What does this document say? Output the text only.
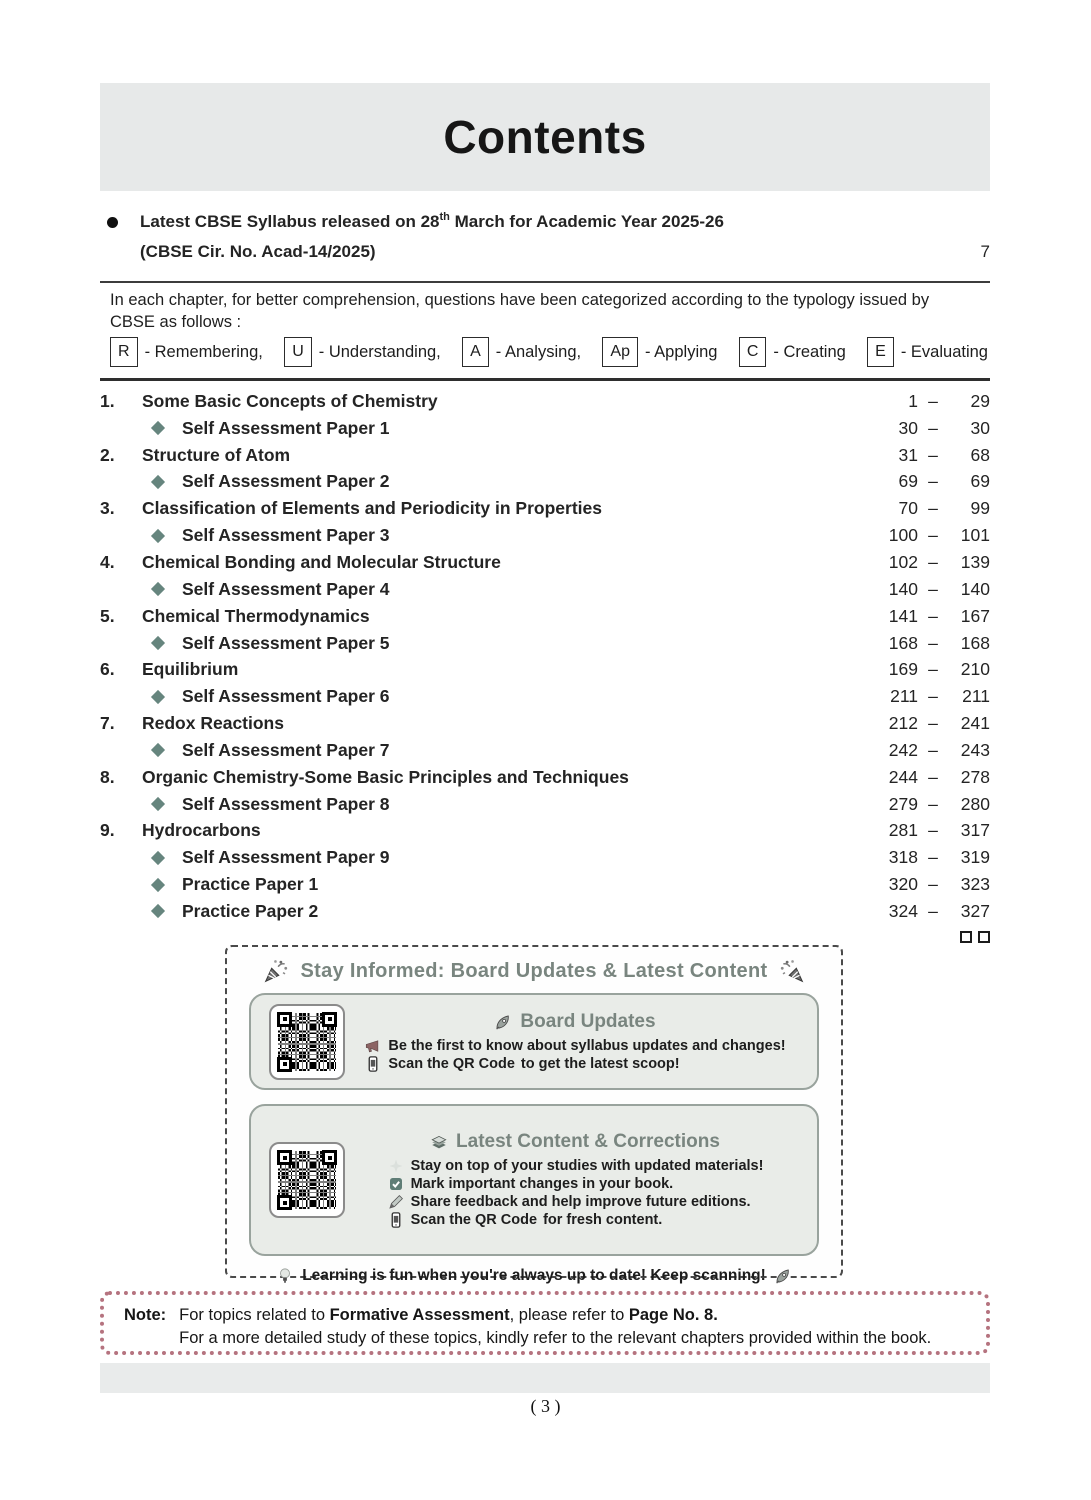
Contents
Latest CBSE Syllabus released on 28th March for Academic Year 2025-26
(CBSE Cir. No. Acad-14/2025)	7
In each chapter, for better comprehension, questions have been categorized according to the typology issued by
CBSE as follows :
R - Remembering,	U - Understanding,	A - Analysing,	Ap - Applying	C - Creating	E - Evaluating
1.	Some Basic Concepts of Chemistry	1 –	29
Self Assessment Paper 1	30 –	30
2.	Structure of Atom	31 –	68
Self Assessment Paper 2	69 –	69
3.	Classification of Elements and Periodicity in Properties	70 –	99
Self Assessment Paper 3	100 –	101
4.	Chemical Bonding and Molecular Structure	102 –	139
Self Assessment Paper 4	140 –	140
5.	Chemical Thermodynamics	141 –	167
Self Assessment Paper 5	168 –	168
6.	Equilibrium	169 –	210
Self Assessment Paper 6	211 –	211
7.	Redox Reactions	212 –	241
Self Assessment Paper 7	242 –	243
8.	Organic Chemistry-Some Basic Principles and Techniques	244 –	278
Self Assessment Paper 8	279 –	280
9.	Hydrocarbons	281 –	317
Self Assessment Paper 9	318 –	319
Practice Paper 1	320 –	323
Practice Paper 2	324 –	327
Stay Informed: Board Updates & Latest Content
Board Updates
Be the first to know about syllabus updates and changes!
Scan the QR Code to get the latest scoop!
Latest Content & Corrections
Stay on top of your studies with updated materials!
Mark important changes in your book.
Share feedback and help improve future editions.
Scan the QR Code for fresh content.
Learning is fun when you're always up to date! Keep scanning!
Note: For topics related to Formative Assessment, please refer to Page No. 8.
For a more detailed study of these topics, kindly refer to the relevant chapters provided within the book.
( 3 )
